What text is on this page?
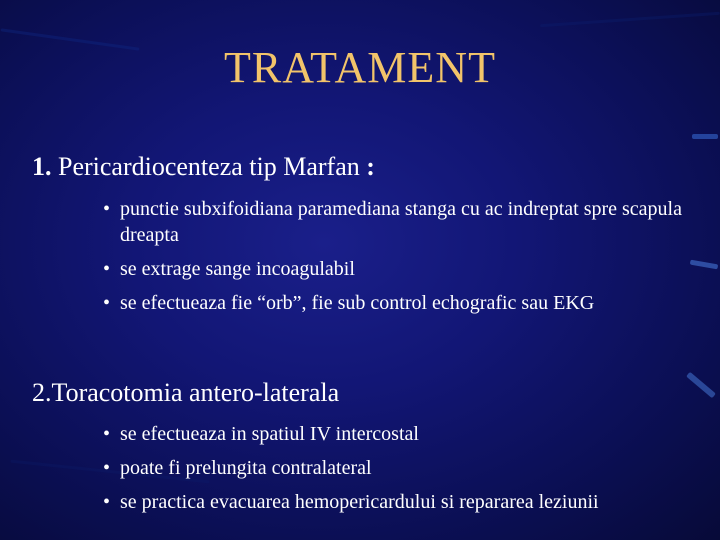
TRATAMENT
1. Pericardiocenteza tip Marfan :
• punctie subxifoidiana paramediana stanga cu ac indreptat spre scapula dreapta
• se extrage sange incoagulabil
• se efectueaza fie “orb”, fie sub control echografic sau EKG
2.Toracotomia antero-laterala
• se efectueaza in spatiul IV intercostal
• poate fi prelungita contralateral
• se practica evacuarea hemopericardului si repararea leziunii
